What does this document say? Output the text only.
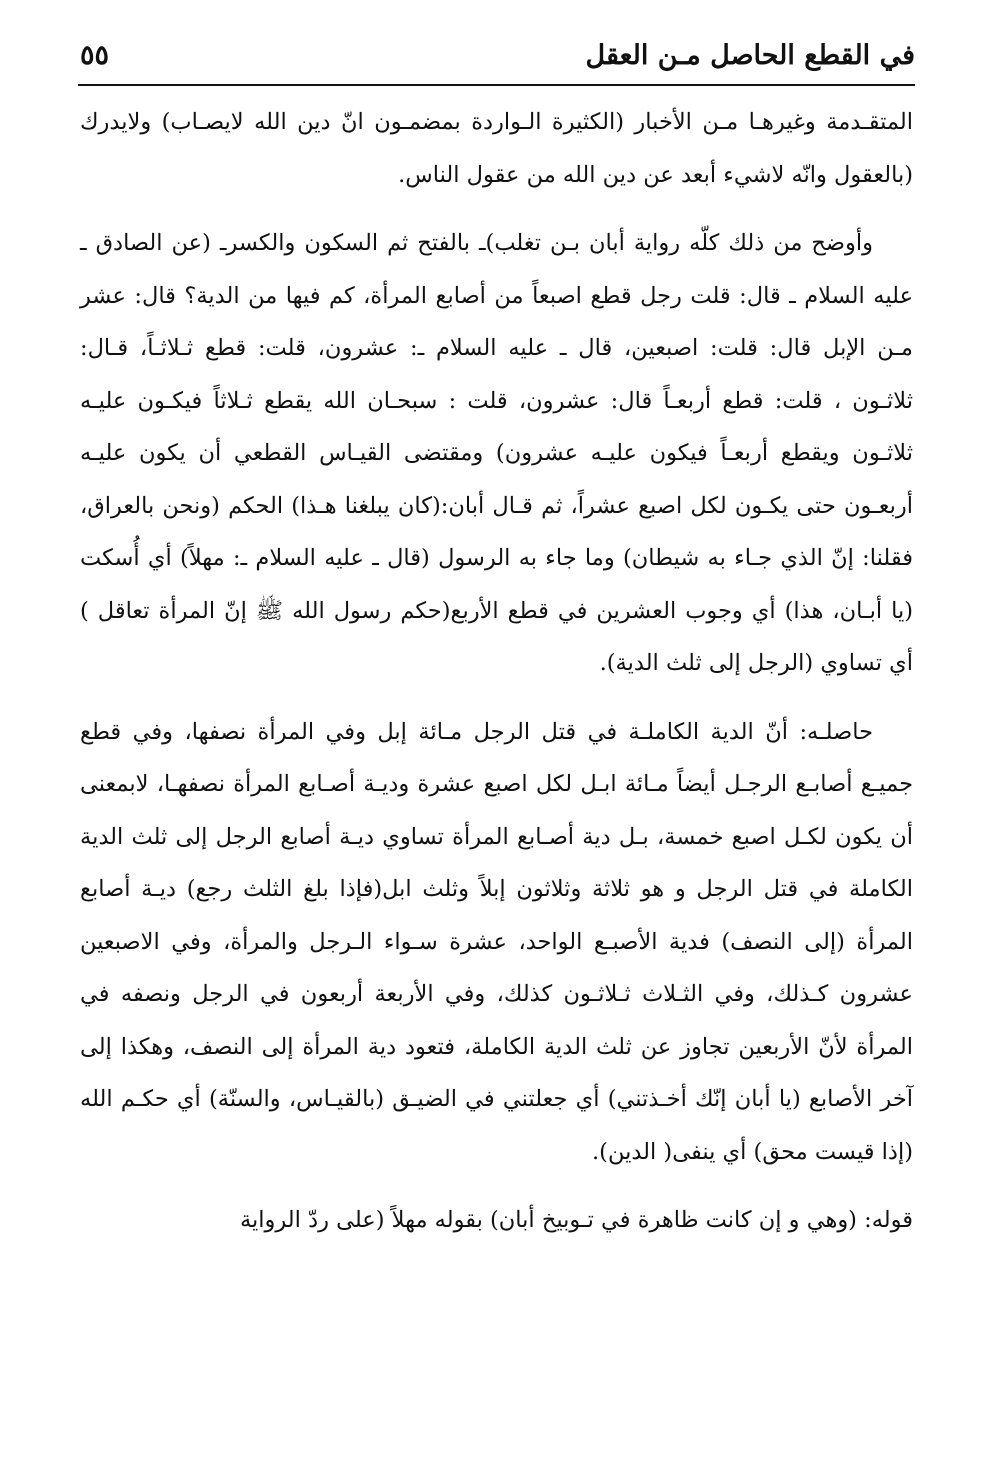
في القطع الحاصل مـن العقل
٥٥

المتقـدمة وغيرهـا مـن الأخبار (الكثيرة الـواردة بمضمـون انّ دين الله لايصـاب) ولايدرك (بالعقول وانّه لاشيء أبعد عن دين الله من عقول الناس.

وأوضح من ذلك كلّه رواية أبان بـن تغلب)ـ بالفتح ثم السكون والكسرـ (عن الصادق ـ عليه السلام ـ قال: قلت رجل قطع اصبعاً من أصابع المرأة، كم فيها من الدية؟ قال: عشر مـن الإبل قال: قلت: اصبعين، قال ـ عليه السلام ـ: عشرون، قلت: قطع ثـلاثـاً، قـال: ثلاثـون ، قلت: قطع أربعـاً قال: عشرون، قلت : سبحـان الله يقطع ثـلاثاً فيكـون عليـه ثلاثـون ويقطع أربعـاً فيكون عليـه عشرون) ومقتضى القيـاس القطعي أن يكون عليـه أربعـون حتى يكـون لكل اصبع عشراً، ثم قـال أبان:(كان يبلغنا هـذا) الحكم (ونحن بالعراق، فقلنا: إنّ الذي جـاء به شيطان) وما جاء به الرسول (قال ـ عليه السلام ـ: مهلاً) أي أُسكت (يا أبـان، هذا) أي وجوب العشرين في قطع الأربع(حكم رسول الله ﷺ إنّ المرأة تعاقل ) أي تساوي (الرجل إلى ثلث الدية).

حاصلـه: أنّ الدية الكاملـة في قتل الرجل مـائة إبل وفي المرأة نصفها، وفي قطع جميـع أصابـع الرجـل أيضاً مـائة ابـل لكل اصبع عشرة وديـة أصـابع المرأة نصفهـا، لابمعنى أن يكون لكـل اصبع خمسة، بـل دية أصـابع المرأة تساوي ديـة أصابع الرجل إلى ثلث الدية الكاملة في قتل الرجل و هو ثلاثة وثلاثون إبلاً وثلث ابل(فإذا بلغ الثلث رجع) ديـة أصابع المرأة (إلى النصف) فدية الأصبـع الواحد، عشرة سـواء الـرجل والمرأة، وفي الاصبعين عشرون كـذلك، وفي الثـلاث ثـلاثـون كذلك، وفي الأربعة أربعون في الرجل ونصفه في المرأة لأنّ الأربعين تجاوز عن ثلث الدية الكاملة، فتعود دية المرأة إلى النصف، وهكذا إلى آخر الأصابع (يا أبان إنّك أخـذتني) أي جعلتني في الضيـق (بالقيـاس، والسنّة) أي حكـم الله (إذا قيست محق) أي ينفى( الدين).

قوله: (وهي و إن كانت ظاهرة في تـوبيخ أبان) بقوله مهلاً (على ردّ الرواية
